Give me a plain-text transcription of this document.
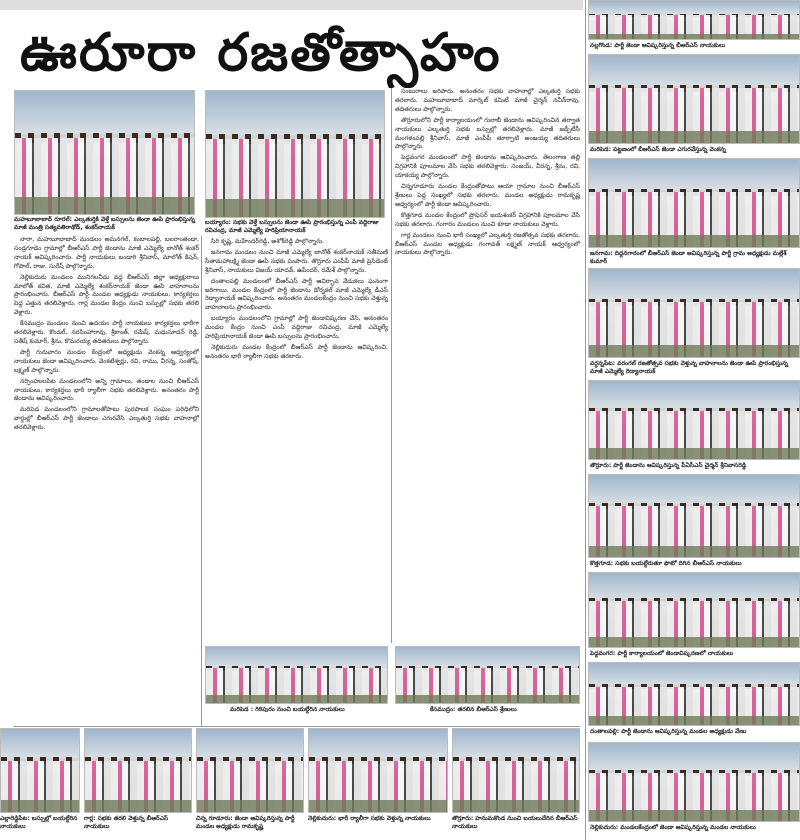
ఊరూరా రజతోత్సాహం
మహబూబాబాద్ రూరల్: ఎల్కతుర్తికి వెళ్తే బస్సులను జెండా ఊపి ప్రారంభిస్తున్న మాజీ మంత్రి సత్యవతిరాథోడ్, శంకర్‌నాయక్
బయ్యారం: సభకు వెళ్తే బస్సులను జెండా ఊపి ప్రారంభిస్తున్న ఎంపీ వద్దిరాజు రవిచంద్ర, మాజీ ఎమ్మెల్యే హరిప్రియానాయక్

నారా, మహబూబాబాద్ మండలం అమనగల్, కంబాలపల్లి, బలరాంతండా, సండ్రగూడెం గ్రామాల్లో బీఆర్ఎస్ పార్టీ జెండాను మాజీ ఎమ్మెల్యే బానోత్ శంకర్ నాయక్ ఆవిష్కరించారు. పార్టీ నాయకులు బండారి శ్రీనివాస్, మాలోత్ కిషన్, గోపాల్, రాజు, సురేష్ పాల్గొన్నారు.

నెల్లికుదురు మండలం మునిగలవీడు వద్ద బీఆర్ఎస్ జిల్లా అధ్యక్షురాలు మాలోత్ కవిత, మాజీ ఎమ్మెల్యే శంకర్‌నాయక్ జెండా ఊపి వాహనాలను ప్రారంభించారు. బీఆర్ఎస్ పార్టీ మండల అధ్యక్షుడు నాయకులు, కార్యకర్తలు పెద్ద ఎత్తున తరలివెళ్లారు. గార్ల మండల కేంద్రం నుంచి బస్సుల్లో సభకు తరలి వెళ్లారు.

కేసముద్రం మండలం నుంచి ఉదయం పార్టీ నాయకులు కార్యకర్తలు భారీగా తరలివెళ్లారు. కొండల్, నరసింహారావు, శ్రీకాంత్, రమేష్, మధుసూదన్ రెడ్డి, సతీష్ కుమార్, శ్రీను, కొమరయ్య తదితరులు పాల్గొన్నారు.

పార్టీ గురువారం మండల కేంద్రంలో అధ్యక్షుడు వెంకన్న ఆధ్వర్యంలో నాయకులు జెండా ఆవిష్కరించారు. వెంకటేశ్వర్లు, రవి, రాము, వీరన్న, సంతోష్, లక్ష్మణ్ పాల్గొన్నారు.

నర్సింహులపేట మండలంలోని అన్ని గ్రామాలు, తండాల నుంచి బీఆర్ఎస్ నాయకులు, కార్యకర్తలు భారీ ర్యాలీగా సభకు తరలివెళ్లారు. అనంతరం పార్టీ జెండాను ఆవిష్కరించారు.

మరిపెడ మండలంలోని గ్రామాలతోపాటు పురపాలక సంఘం పరిధిలోని వార్డుల్లో బీఆర్ఎస్ పార్టీ జెండాలు ఎగురవేసి ఎల్కతుర్తి సభకు వాహనాల్లో తరలివెళ్లారు.

సిరి కృష్ణ, మహేందర్‌రెడ్డి, అశోక్‌రెడ్డి పాల్గొన్నారు.

జనగామ మండలం నుంచి మాజీ ఎమ్మెల్యే బానోత్ శంకర్‌నాయక్ సతీమణి సీతామహాలక్ష్మి జెండా ఊపి సభకు పంపారు. తొర్రూరు ఎంపీపీ మాజీ ప్రెసిడెంట్ శ్రీనివాస్, నాయకులు విజయ్ యాదవ్, ఉపేందర్, రమేశ్ పాల్గొన్నారు.

దంతాలపల్లి మండలంలో బీఆర్ఎస్ పార్టీ ఆవిర్భావ వేడుకలు ఘనంగా జరిగాయి. మండల కేంద్రంలో పార్టీ జెండాను డోర్నకల్ మాజీ ఎమ్మెల్యే డీఎస్ రెడ్యానాయక్ ఆవిష్కరించారు. అనంతరం మండలకేంద్రం నుంచి సభకు వెళ్తున్న వాహనాలను ప్రారంభించారు.

బయ్యారం మండలంలోని గ్రామాల్లో పార్టీ జెండావిష్కరణ చేసి, అనంతరం మండల కేంద్రం నుంచి ఎంపీ వద్దిరాజు రవిచంద్ర, మాజీ ఎమ్మెల్యే హరిప్రియానాయక్ జెండా ఊపి బస్సులను ప్రారంభించారు.

నెల్లికుదురు మండల కేంద్రంలో బీఆర్ఎస్ పార్టీ జెండాను ఆవిష్కరించి, అనంతరం భారీ ర్యాలీగా సభకు తరలారు.

సంబురాలు జరిపారు. అనంతరం సభకు వాహనాల్లో ఎల్కతుర్తి సభకు తరలారు. మహబూబాబాద్ మార్కెట్ కమిటీ మాజీ చైర్మన్ నవీన్‌రావు, తదితరులు పాల్గొన్నారు.

తొర్రూరులోని పార్టీ కార్యాలయంలో గులాబీ జెండాను ఆవిష్కరించిన తర్వాత నాయకులు ఎల్కతుర్తి సభకు బస్సుల్లో తరలివెళ్లారు. మాజీ జడ్పీటీసీ మంగళంపల్లి శ్రీనివాస్, మాజీ ఎంపీపీ తూర్పాటి అంజయ్య తదితరులు పాల్గొన్నారు.

పెద్దవంగర మండలంలో పార్టీ జెండాను ఆవిష్కరించారు. తెలంగాణ తల్లి విగ్రహానికి పూలమాల వేసి సభకు తరలివెళ్లారు. సంజయ్, వీరన్న, శ్రీను, రవి, యాకయ్య పాల్గొన్నారు.

చిన్నగూడూరు మండల కేంద్రంతోపాటు ఆయా గ్రామాల నుంచి బీఆర్ఎస్ శ్రేణులు పెద్ద సంఖ్యలో సభకు తరలారు. మండల అధ్యక్షుడు రామకృష్ణ ఆధ్వర్యంలో పార్టీ జెండా ఆవిష్కరించారు.

కొత్తగూడ మండల కేంద్రంలో ప్రొఫెసర్ జయశంకర్ విగ్రహానికి పూలమాల వేసి సభకు తరలారు. గంగారం మండలం నుంచి కూడా నాయకులు వెళ్లారు.

గార్ల మండలం నుంచి భారీ సంఖ్యలో ఎల్కతుర్తి రజతోత్సవ సభకు తరలారు. బీఆర్ఎస్ మండల అధ్యక్షుడు గంగావత్ లక్ష్మణ్ నాయక్ ఆధ్వర్యంలో నాయకులు పాల్గొన్నారు.

మరిపెడ : గిరిపురం నుంచి బయల్దేరిన నాయకులు	కేసముద్రం: తరలిన బీఆర్ఎస్ శ్రేణులు
ఎల్లారెడ్డిపేట: బస్సుల్లో బయల్దేరిన నాయకులు
గార్ల: సభకు తరలి వెళ్తున్న బీఆర్ఎస్ నాయకులు
చిన్న గూడూరు: జెండా ఆవిష్కరిస్తున్న పార్టీ మండల అధ్యక్షుడు రామకృష్ణ
నెల్లికుదురు: భారీ ర్యాలీగా సభకు వెళ్తున్న నాయకులు	తొర్రూరు: హనుమకొండ నుంచి బయలుదేరిన బీఆర్ఎస్ నాయకులు
నల్లగొండ: పార్టీ జెండా ఆవిష్కరిస్తున్న బీఆర్ఎస్ నాయకులు
మరిపెడ: పట్టణంలో బీఆర్ఎస్ జెండా ఎగురవేస్తున్న వెంకన్న
జనగామ: దిద్దనగారంలో బీఆర్ఎస్ జెండా ఆవిష్కరిస్తున్న పార్టీ గ్రామ అధ్యక్షుడు మల్లేశ్ కుమార్
వర్ధన్నపేట: వరంగల్ రజతోత్సవ సభకు వెళ్తున్న వాహనాలను జెండా ఊపి ప్రారంభిస్తున్న మాజీ ఎమ్మెల్యే రెడ్యానాయక్
తొర్రూరు: పార్టీ జెండాను ఆవిష్కరిస్తున్న పీఏసీఎస్ చైర్మన్ శ్రీనివాసరెడ్డి
కొత్తగూడ: సభకు బయల్దేరుతూ ఫొటో దిగిన బీఆర్ఎస్ నాయకులు
పెద్దవంగర: పార్టీ కార్యాలయంలో జెండావిష్కరణలో నాయకులు
దంతాలపల్లి: పార్టీ జెండాను ఆవిష్కరిస్తున్న మండల అధ్యక్షుడు వేణు
నెల్లికుదురు: మండలకేంద్రంలో జెండా ఆవిష్కరిస్తున్న మండల నాయకులు
